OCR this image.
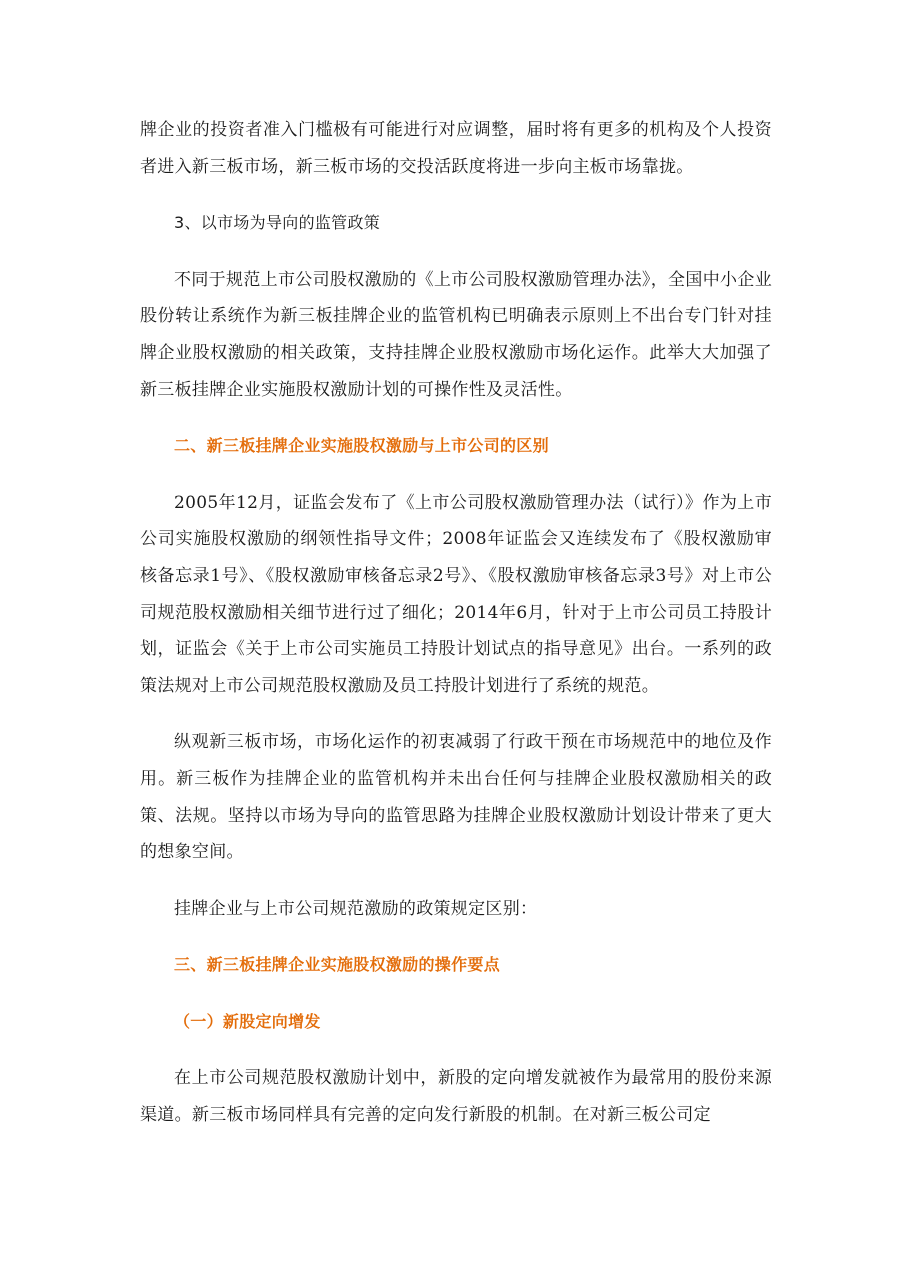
牌企业的投资者准入门槛极有可能进行对应调整，届时将有更多的机构及个人投资者进入新三板市场，新三板市场的交投活跃度将进一步向主板市场靠拢。

3、以市场为导向的监管政策

不同于规范上市公司股权激励的《上市公司股权激励管理办法》，全国中小企业股份转让系统作为新三板挂牌企业的监管机构已明确表示原则上不出台专门针对挂牌企业股权激励的相关政策，支持挂牌企业股权激励市场化运作。此举大大加强了新三板挂牌企业实施股权激励计划的可操作性及灵活性。

二、新三板挂牌企业实施股权激励与上市公司的区别

2005年12月，证监会发布了《上市公司股权激励管理办法（试行）》作为上市公司实施股权激励的纲领性指导文件；2008年证监会又连续发布了《股权激励审核备忘录1号》、《股权激励审核备忘录2号》、《股权激励审核备忘录3号》对上市公司规范股权激励相关细节进行过了细化；2014年6月，针对于上市公司员工持股计划，证监会《关于上市公司实施员工持股计划试点的指导意见》出台。一系列的政策法规对上市公司规范股权激励及员工持股计划进行了系统的规范。

纵观新三板市场，市场化运作的初衷减弱了行政干预在市场规范中的地位及作用。新三板作为挂牌企业的监管机构并未出台任何与挂牌企业股权激励相关的政策、法规。坚持以市场为导向的监管思路为挂牌企业股权激励计划设计带来了更大的想象空间。

挂牌企业与上市公司规范激励的政策规定区别：

三、新三板挂牌企业实施股权激励的操作要点

（一）新股定向增发

在上市公司规范股权激励计划中，新股的定向增发就被作为最常用的股份来源渠道。新三板市场同样具有完善的定向发行新股的机制。在对新三板公司定
